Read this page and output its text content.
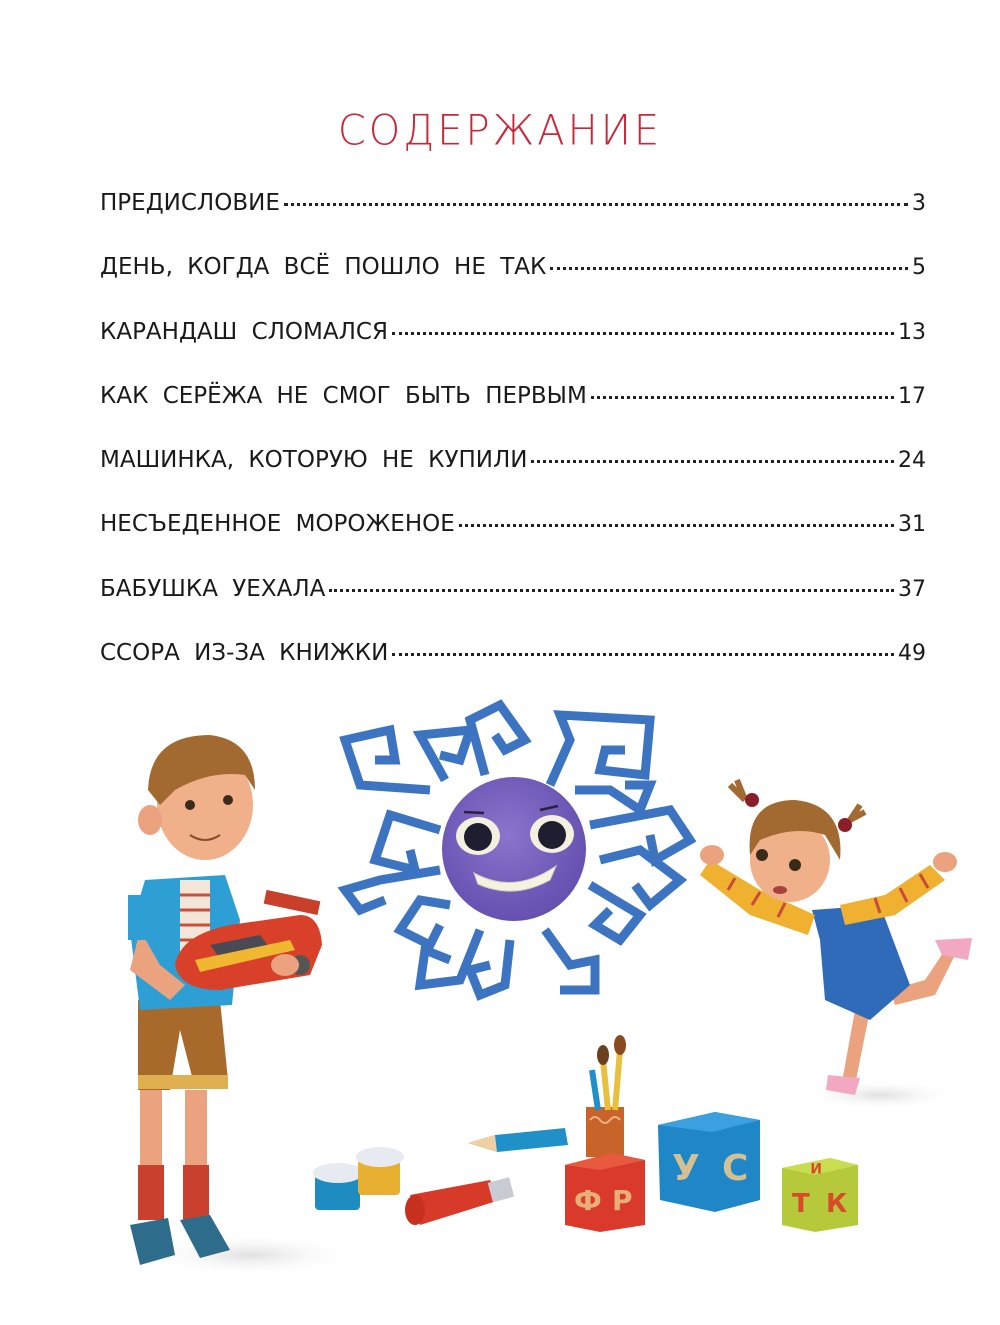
СОДЕРЖАНИЕ
ПРЕДИСЛОВИЕ	3
ДЕНЬ, КОГДА ВСЁ ПОШЛО НЕ ТАК	5
КАРАНДАШ СЛОМАЛСЯ	13
КАК СЕРЁЖА НЕ СМОГ БЫТЬ ПЕРВЫМ	17
МАШИНКА, КОТОРУЮ НЕ КУПИЛИ	24
НЕСЪЕДЕННОЕ МОРОЖЕНОЕ	31
БАБУШКА УЕХАЛА	37
ССОРА ИЗ-ЗА КНИЖКИ	49
Ф Р
У С
Т К
И
